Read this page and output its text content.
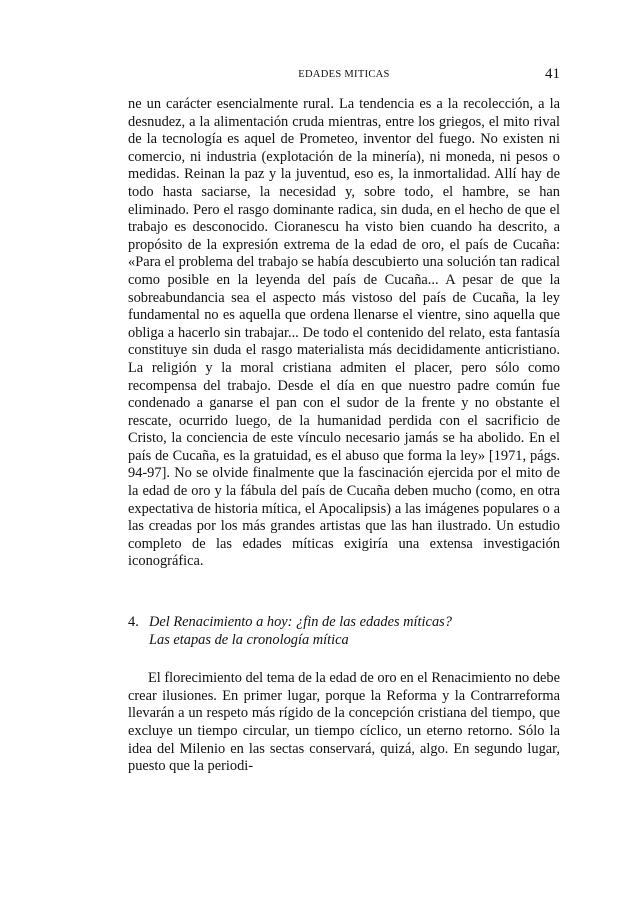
EDADES MITICAS	41

ne un carácter esencialmente rural. La tendencia es a la recolección, a la desnudez, a la alimentación cruda mientras, entre los griegos, el mito rival de la tecnología es aquel de Prometeo, inventor del fuego. No existen ni comercio, ni industria (explotación de la minería), ni moneda, ni pesos o medidas. Reinan la paz y la juventud, eso es, la inmortalidad. Allí hay de todo hasta saciarse, la necesidad y, sobre todo, el hambre, se han eliminado. Pero el rasgo dominante radica, sin duda, en el hecho de que el trabajo es desconocido. Cioranescu ha visto bien cuando ha descrito, a propósito de la expresión extrema de la edad de oro, el país de Cucaña: «Para el problema del trabajo se había descubierto una solución tan radical como posible en la leyenda del país de Cucaña... A pesar de que la sobreabundancia sea el aspecto más vistoso del país de Cucaña, la ley fundamental no es aquella que ordena llenarse el vientre, sino aquella que obliga a hacerlo sin trabajar... De todo el contenido del relato, esta fantasía constituye sin duda el rasgo materialista más decididamente anticristiano. La religión y la moral cristiana admiten el placer, pero sólo como recompensa del trabajo. Desde el día en que nuestro padre común fue condenado a ganarse el pan con el sudor de la frente y no obstante el rescate, ocurrido luego, de la humanidad perdida con el sacrificio de Cristo, la conciencia de este vínculo necesario jamás se ha abolido. En el país de Cucaña, es la gratuidad, es el abuso que forma la ley» [1971, págs. 94-97]. No se olvide finalmente que la fascinación ejercida por el mito de la edad de oro y la fábula del país de Cucaña deben mucho (como, en otra expectativa de historia mítica, el Apocalipsis) a las imágenes populares o a las creadas por los más grandes artistas que las han ilustrado. Un estudio completo de las edades míticas exigiría una extensa investigación iconográfica.

4. Del Renacimiento a hoy: ¿fin de las edades míticas?
Las etapas de la cronología mítica

El florecimiento del tema de la edad de oro en el Renacimiento no debe crear ilusiones. En primer lugar, porque la Reforma y la Contrarreforma llevarán a un respeto más rígido de la concepción cristiana del tiempo, que excluye un tiempo circular, un tiempo cíclico, un eterno retorno. Sólo la idea del Milenio en las sectas conservará, quizá, algo. En segundo lugar, puesto que la periodi-
